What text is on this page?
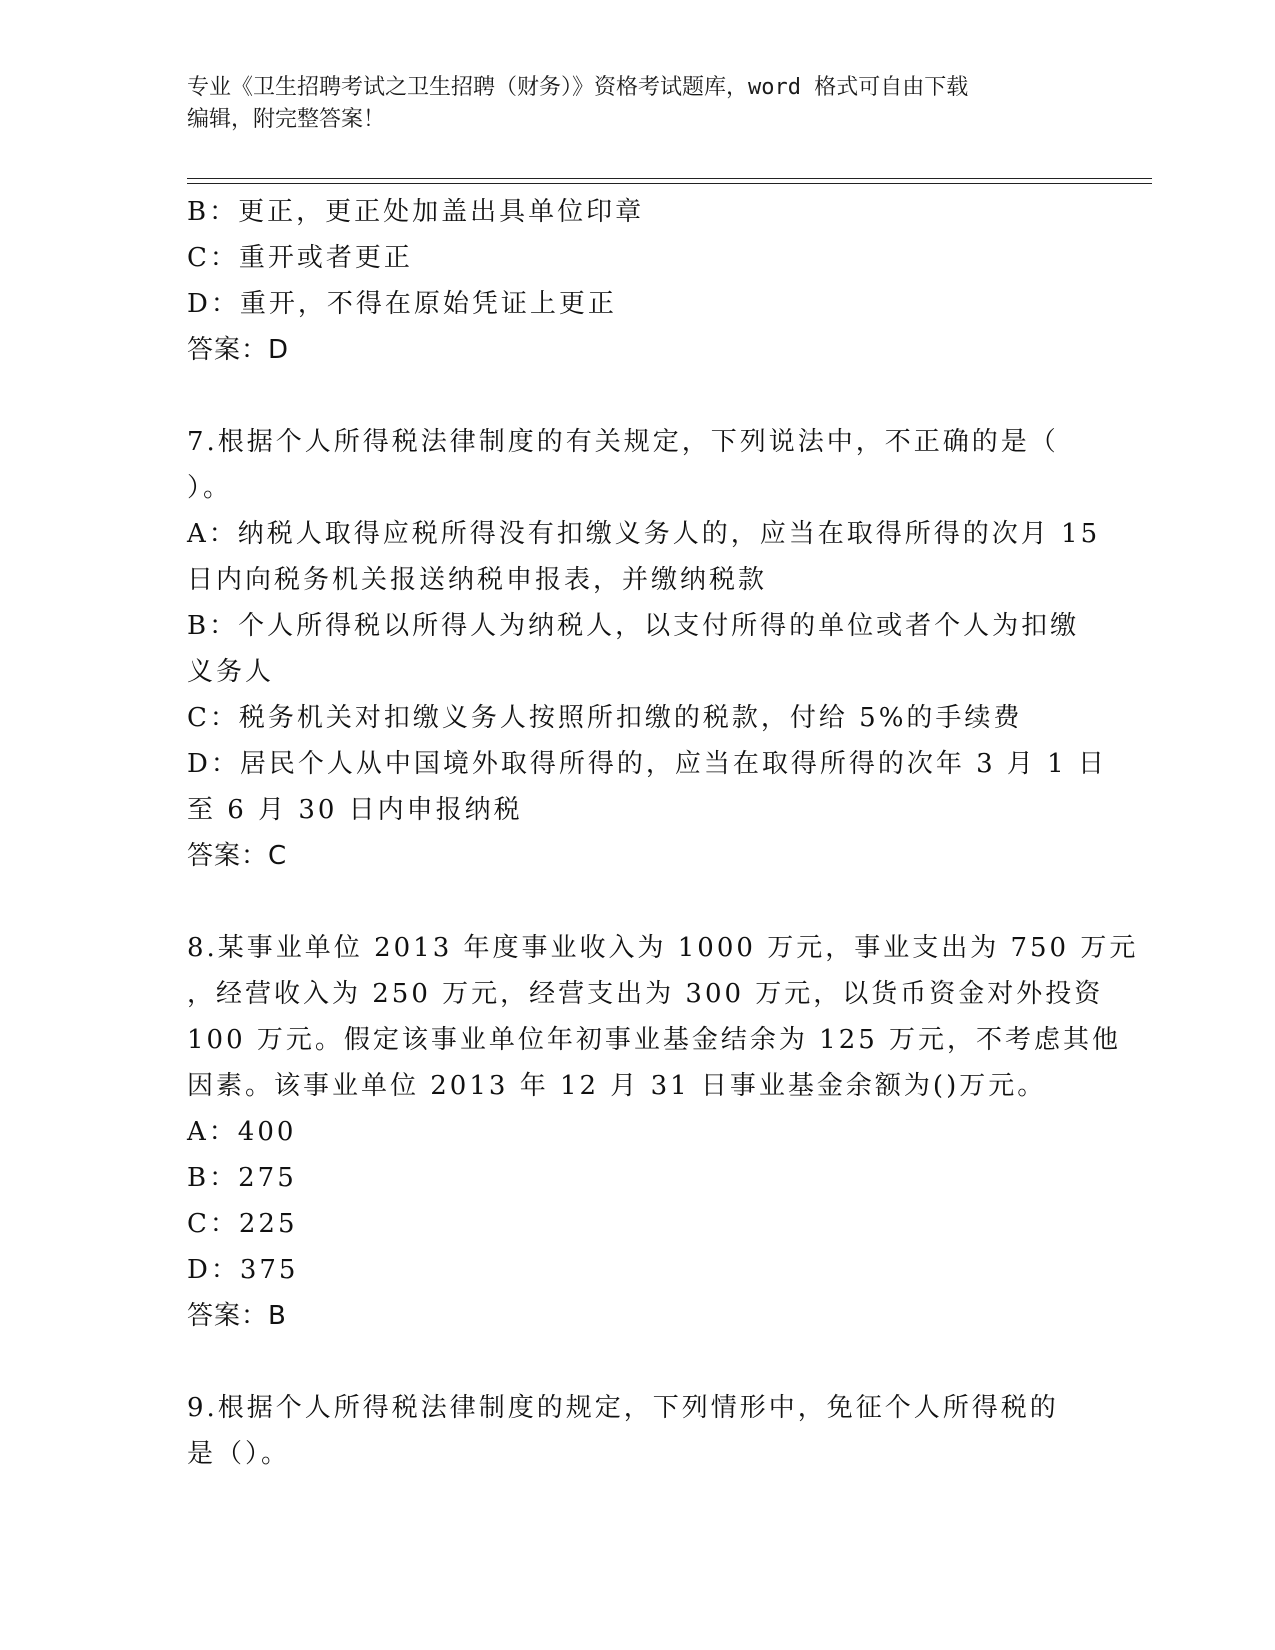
专业《卫生招聘考试之卫生招聘（财务）》资格考试题库，word 格式可自由下载
编辑，附完整答案！
B：更正，更正处加盖出具单位印章
C：重开或者更正
D：重开，不得在原始凭证上更正
答案：D
7.根据个人所得税法律制度的有关规定，下列说法中，不正确的是（
）。
A：纳税人取得应税所得没有扣缴义务人的，应当在取得所得的次月 15
日内向税务机关报送纳税申报表，并缴纳税款
B：个人所得税以所得人为纳税人，以支付所得的单位或者个人为扣缴
义务人
C：税务机关对扣缴义务人按照所扣缴的税款，付给 5%的手续费
D：居民个人从中国境外取得所得的，应当在取得所得的次年 3 月 1 日
至 6 月 30 日内申报纳税
答案：C
8.某事业单位 2013 年度事业收入为 1000 万元，事业支出为 750 万元
，经营收入为 250 万元，经营支出为 300 万元，以货币资金对外投资
100 万元。假定该事业单位年初事业基金结余为 125 万元，不考虑其他
因素。该事业单位 2013 年 12 月 31 日事业基金余额为()万元。
A：400
B：275
C：225
D：375
答案：B
9.根据个人所得税法律制度的规定，下列情形中，免征个人所得税的
是（）。
